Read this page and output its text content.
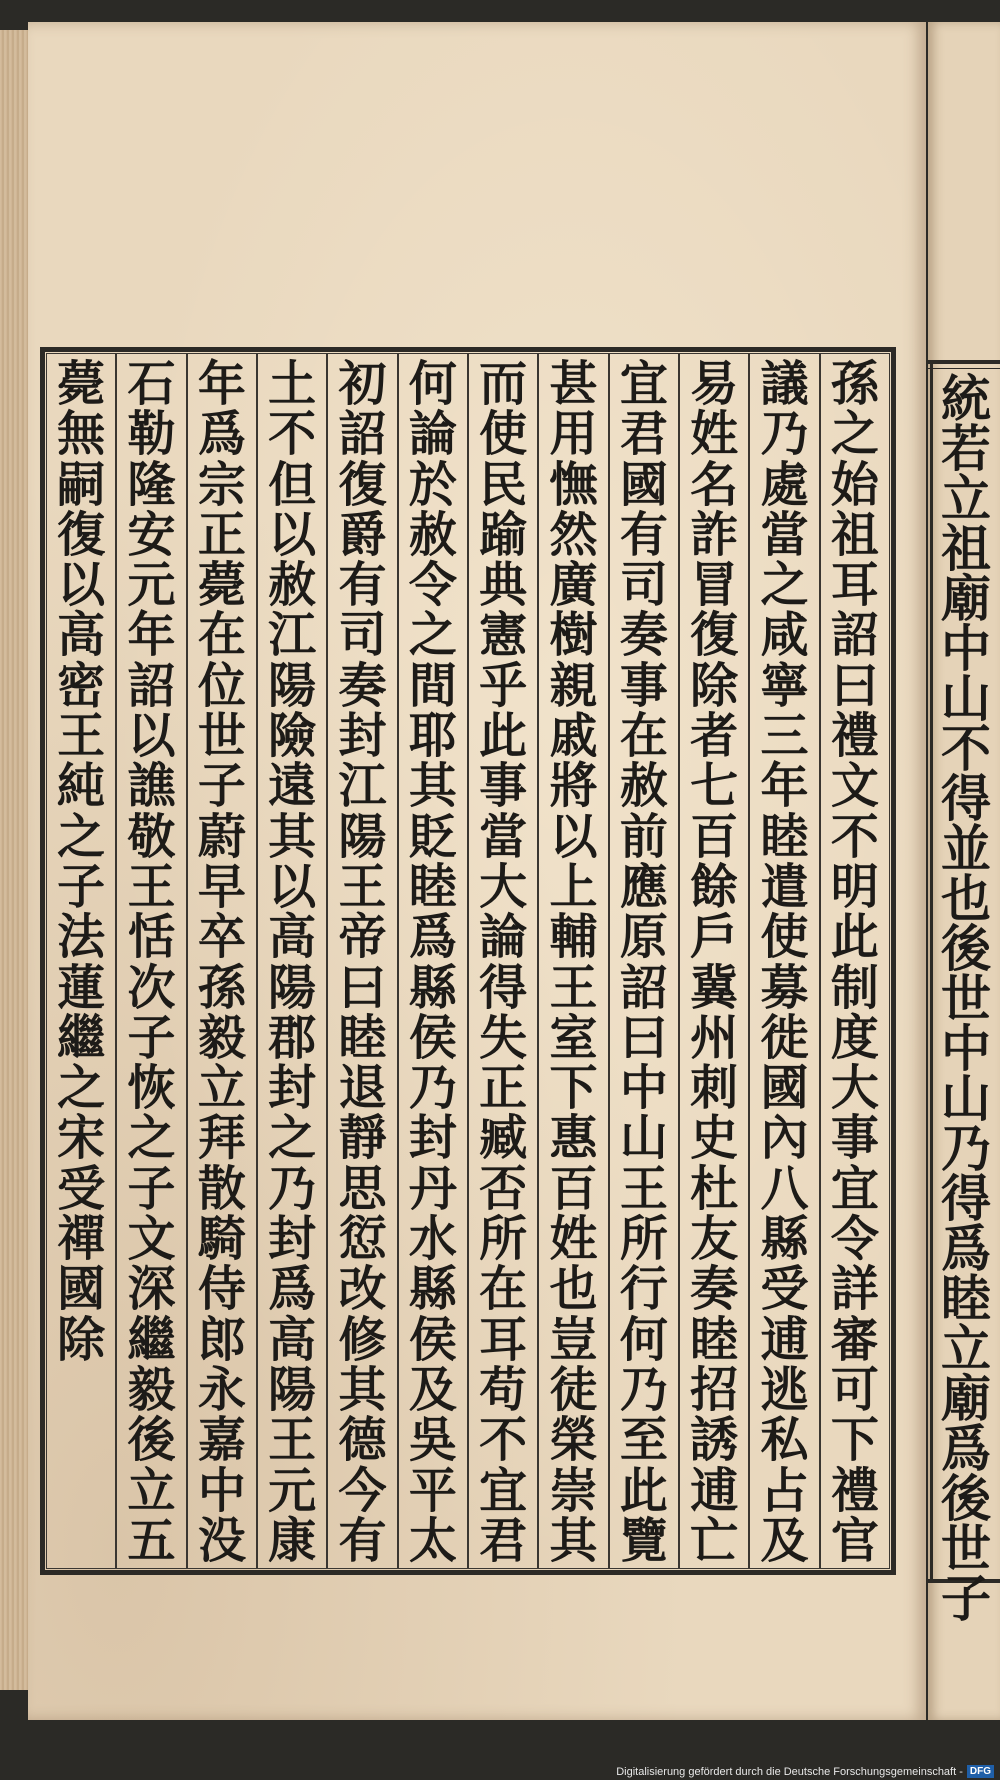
統
若
立
祖
廟
中
山
不
得
並
也
後
世
中
山
乃
得
爲
睦
立
廟
爲
後
世
子
孫
之
始
祖
耳
詔
曰
禮
文
不
明
此
制
度
大
事
宜
令
詳
審
可
下
禮
官
議
乃
處
當
之
咸
寧
三
年
睦
遣
使
募
徙
國
內
八
縣
受
逋
逃
私
占
及
易
姓
名
詐
冒
復
除
者
七
百
餘
戶
冀
州
刺
史
杜
友
奏
睦
招
誘
逋
亡
宜
君
國
有
司
奏
事
在
赦
前
應
原
詔
曰
中
山
王
所
行
何
乃
至
此
覽
甚
用
憮
然
廣
樹
親
戚
將
以
上
輔
王
室
下
惠
百
姓
也
豈
徒
榮
崇
其
而
使
民
踰
典
憲
乎
此
事
當
大
論
得
失
正
臧
否
所
在
耳
苟
不
宜
君
何
論
於
赦
令
之
間
耶
其
貶
睦
爲
縣
侯
乃
封
丹
水
縣
侯
及
吳
平
太
初
詔
復
爵
有
司
奏
封
江
陽
王
帝
曰
睦
退
靜
思
愆
改
修
其
德
今
有
土
不
但
以
赦
江
陽
險
遠
其
以
高
陽
郡
封
之
乃
封
爲
高
陽
王
元
康
年
爲
宗
正
薨
在
位
世
子
蔚
早
卒
孫
毅
立
拜
散
騎
侍
郎
永
嘉
中
没
石
勒
隆
安
元
年
詔
以
譙
敬
王
恬
次
子
恢
之
子
文
深
繼
毅
後
立
五
薨
無
嗣
復
以
高
密
王
純
之
子
法
蓮
繼
之
宋
受
禪
國
除
Digitalisierung gefördert durch die Deutsche Forschungsgemeinschaft - DFG
